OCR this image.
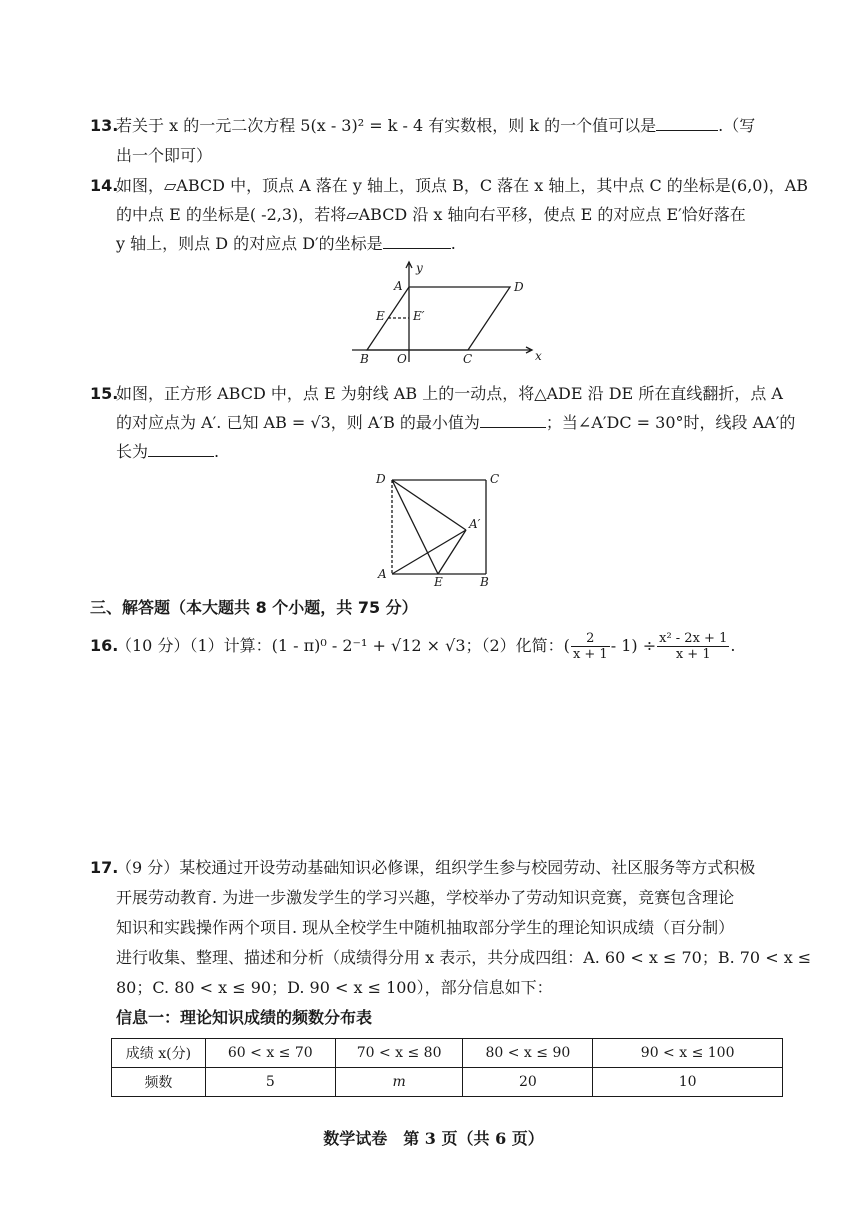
13.
若关于 x 的一元二次方程 5(x - 3)² = k - 4 有实数根，则 k 的一个值可以是	.（写
出一个即可）
14.
如图，▱ABCD 中，顶点 A 落在 y 轴上，顶点 B，C 落在 x 轴上，其中点 C 的坐标是(6,0)，AB
的中点 E 的坐标是( -2,3)，若将▱ABCD 沿 x 轴向右平移，使点 E 的对应点 E′恰好落在
y 轴上，则点 D 的对应点 D′的坐标是	.
y
x
A	D
E E′
B O	C
15.
如图，正方形 ABCD 中，点 E 为射线 AB 上的一动点，将△ADE 沿 DE 所在直线翻折，点 A
的对应点为 A′. 已知 AB = √3，则 A′B 的最小值为	；当∠A′DC = 30°时，线段 AA′的
长为	.
D	C
A′
A
E	B
三、解答题（本大题共 8 个小题，共 75 分）
16.
（10 分）（1）计算：(1 - π)⁰ - 2⁻¹ + √12 × √3；（2）化简：( $\frac{2}{x + 1} - 1) \div \frac{\text{x² - 2x + 1}}{x + 1}$ .
17.
（9 分）某校通过开设劳动基础知识必修课，组织学生参与校园劳动、社区服务等方式积极
开展劳动教育. 为进一步激发学生的学习兴趣，学校举办了劳动知识竞赛，竞赛包含理论
知识和实践操作两个项目. 现从全校学生中随机抽取部分学生的理论知识成绩（百分制）
进行收集、整理、描述和分析（成绩得分用 x 表示，共分成四组：A. 60 < x ≤ 70；B. 70 < x ≤
80；C. 80 < x ≤ 90；D. 90 < x ≤ 100），部分信息如下：
信息一：理论知识成绩的频数分布表
成绩 x(分)	60 < x ≤ 70	70 < x ≤ 80	80 < x ≤ 90	90 < x ≤ 100
频数	5	m	20	10
数学试卷　第 3 页（共 6 页）
